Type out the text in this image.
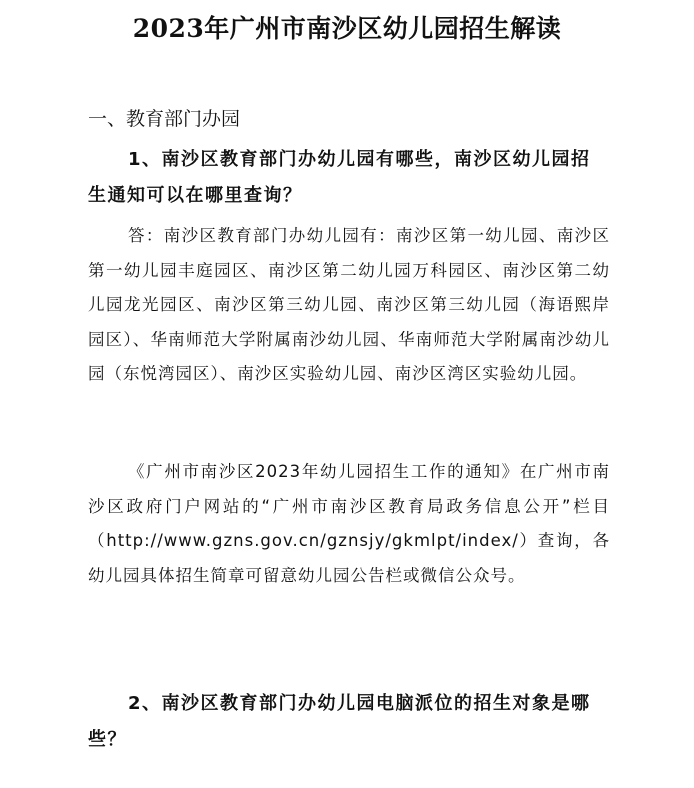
2023年广州市南沙区幼儿园招生解读

一、教育部门办园

1、南沙区教育部门办幼儿园有哪些，南沙区幼儿园招生通知可以在哪里查询？

答：南沙区教育部门办幼儿园有：南沙区第一幼儿园、南沙区第一幼儿园丰庭园区、南沙区第二幼儿园万科园区、南沙区第二幼儿园龙光园区、南沙区第三幼儿园、南沙区第三幼儿园（海语熙岸园区）、华南师范大学附属南沙幼儿园、华南师范大学附属南沙幼儿园（东悦湾园区）、南沙区实验幼儿园、南沙区湾区实验幼儿园。

《广州市南沙区2023年幼儿园招生工作的通知》在广州市南沙区政府门户网站的“广州市南沙区教育局政务信息公开”栏目（http://www.gzns.gov.cn/gznsjy/gkmlpt/index/）查询，各幼儿园具体招生简章可留意幼儿园公告栏或微信公众号。

2、南沙区教育部门办幼儿园电脑派位的招生对象是哪些？
